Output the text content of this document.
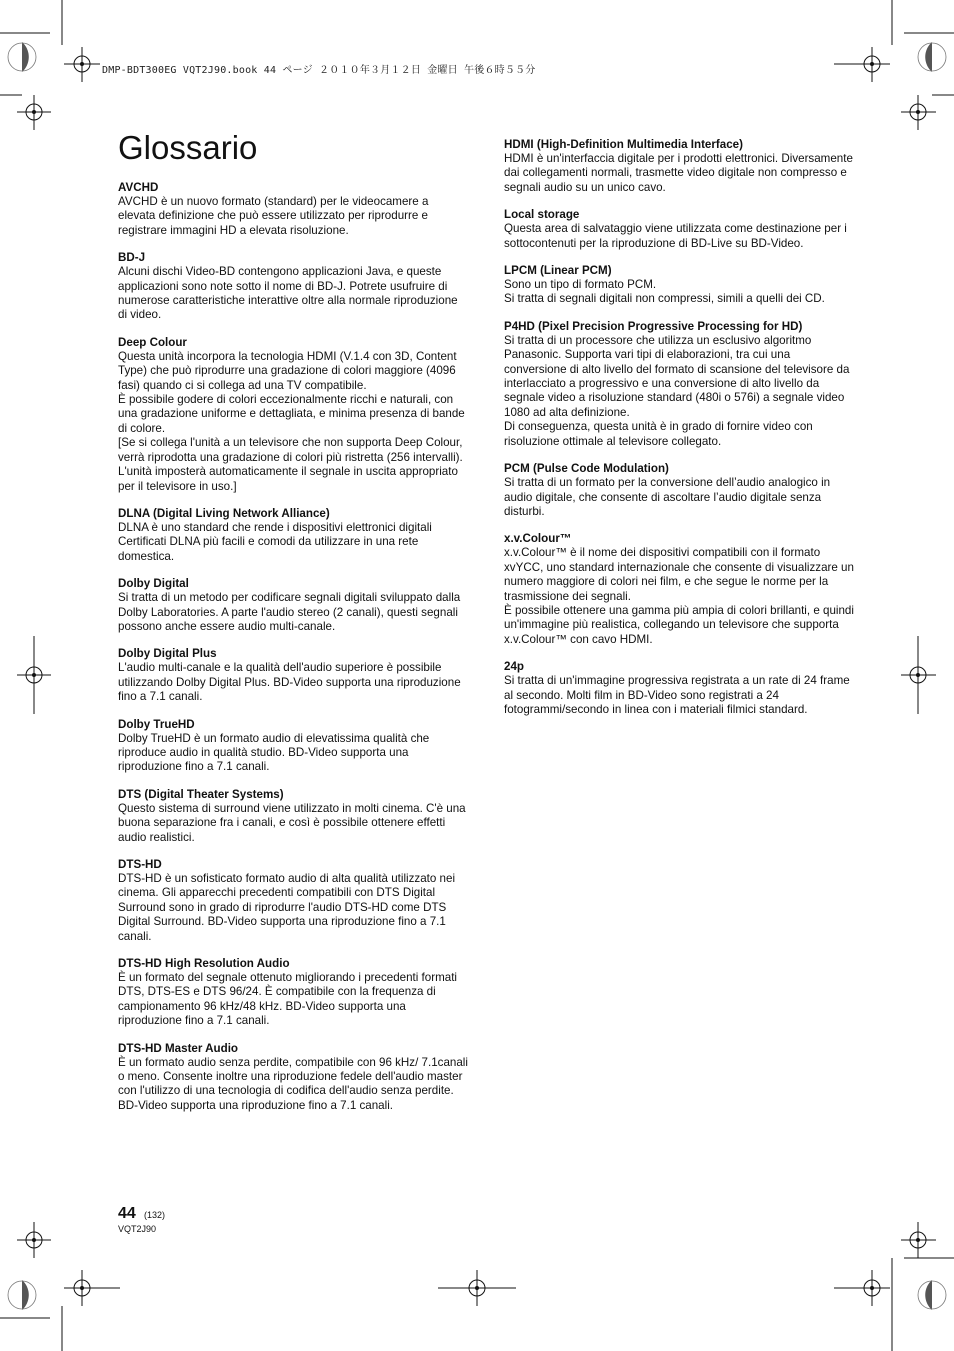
DMP-BDT300EG VQT2J90.book 44 ページ ２０１０年３月１２日 金曜日 午後６時５５分
Glossario
AVCHD
AVCHD è un nuovo formato (standard) per le videocamere a elevata definizione che può essere utilizzato per riprodurre e registrare immagini HD a elevata risoluzione.
BD-J
Alcuni dischi Video-BD contengono applicazioni Java, e queste applicazioni sono note sotto il nome di BD-J. Potrete usufruire di numerose caratteristiche interattive oltre alla normale riproduzione di video.
Deep Colour
Questa unità incorpora la tecnologia HDMI (V.1.4 con 3D, Content Type) che può riprodurre una gradazione di colori maggiore (4096 fasi) quando ci si collega ad una TV compatibile.
È possibile godere di colori eccezionalmente ricchi e naturali, con una gradazione uniforme e dettagliata, e minima presenza di bande di colore.
[Se si collega l'unità a un televisore che non supporta Deep Colour, verrà riprodotta una gradazione di colori più ristretta (256 intervalli).
L'unità imposterà automaticamente il segnale in uscita appropriato per il televisore in uso.]
DLNA (Digital Living Network Alliance)
DLNA è uno standard che rende i dispositivi elettronici digitali Certificati DLNA più facili e comodi da utilizzare in una rete domestica.
Dolby Digital
Si tratta di un metodo per codificare segnali digitali sviluppato dalla Dolby Laboratories. A parte l'audio stereo (2 canali), questi segnali possono anche essere audio multi-canale.
Dolby Digital Plus
L'audio multi-canale e la qualità dell'audio superiore è possibile utilizzando Dolby Digital Plus. BD-Video supporta una riproduzione fino a 7.1 canali.
Dolby TrueHD
Dolby TrueHD è un formato audio di elevatissima qualità che riproduce audio in qualità studio. BD-Video supporta una riproduzione fino a 7.1 canali.
DTS (Digital Theater Systems)
Questo sistema di surround viene utilizzato in molti cinema. C'è una buona separazione fra i canali, e così è possibile ottenere effetti audio realistici.
DTS-HD
DTS-HD è un sofisticato formato audio di alta qualità utilizzato nei cinema. Gli apparecchi precedenti compatibili con DTS Digital Surround sono in grado di riprodurre l'audio DTS-HD come DTS Digital Surround. BD-Video supporta una riproduzione fino a 7.1 canali.
DTS-HD High Resolution Audio
È un formato del segnale ottenuto migliorando i precedenti formati DTS, DTS-ES e DTS 96/24. È compatibile con la frequenza di campionamento 96 kHz/48 kHz. BD-Video supporta una riproduzione fino a 7.1 canali.
DTS-HD Master Audio
È un formato audio senza perdite, compatibile con 96 kHz/ 7.1canali o meno. Consente inoltre una riproduzione fedele dell'audio master con l'utilizzo di una tecnologia di codifica dell'audio senza perdite. BD-Video supporta una riproduzione fino a 7.1 canali.
HDMI (High-Definition Multimedia Interface)
HDMI è un'interfaccia digitale per i prodotti elettronici. Diversamente dai collegamenti normali, trasmette video digitale non compresso e segnali audio su un unico cavo.
Local storage
Questa area di salvataggio viene utilizzata come destinazione per i sottocontenuti per la riproduzione di BD-Live su BD-Video.
LPCM (Linear PCM)
Sono un tipo di formato PCM.
Si tratta di segnali digitali non compressi, simili a quelli dei CD.
P4HD (Pixel Precision Progressive Processing for HD)
Si tratta di un processore che utilizza un esclusivo algoritmo Panasonic. Supporta vari tipi di elaborazioni, tra cui una conversione di alto livello del formato di scansione del televisore da interlacciato a progressivo e una conversione di alto livello da segnale video a risoluzione standard (480i o 576i) a segnale video 1080 ad alta definizione.
Di conseguenza, questa unità è in grado di fornire video con risoluzione ottimale al televisore collegato.
PCM (Pulse Code Modulation)
Si tratta di un formato per la conversione dell’audio analogico in audio digitale, che consente di ascoltare l’audio digitale senza disturbi.
x.v.Colour™
x.v.Colour™ è il nome dei dispositivi compatibili con il formato xvYCC, uno standard internazionale che consente di visualizzare un numero maggiore di colori nei film, e che segue le norme per la trasmissione dei segnali.
È possibile ottenere una gamma più ampia di colori brillanti, e quindi un'immagine più realistica, collegando un televisore che supporta x.v.Colour™ con cavo HDMI.
24p
Si tratta di un'immagine progressiva registrata a un rate di 24 frame al secondo. Molti film in BD-Video sono registrati a 24 fotogrammi/secondo in linea con i materiali filmici standard.
44 (132)
VQT2J90
